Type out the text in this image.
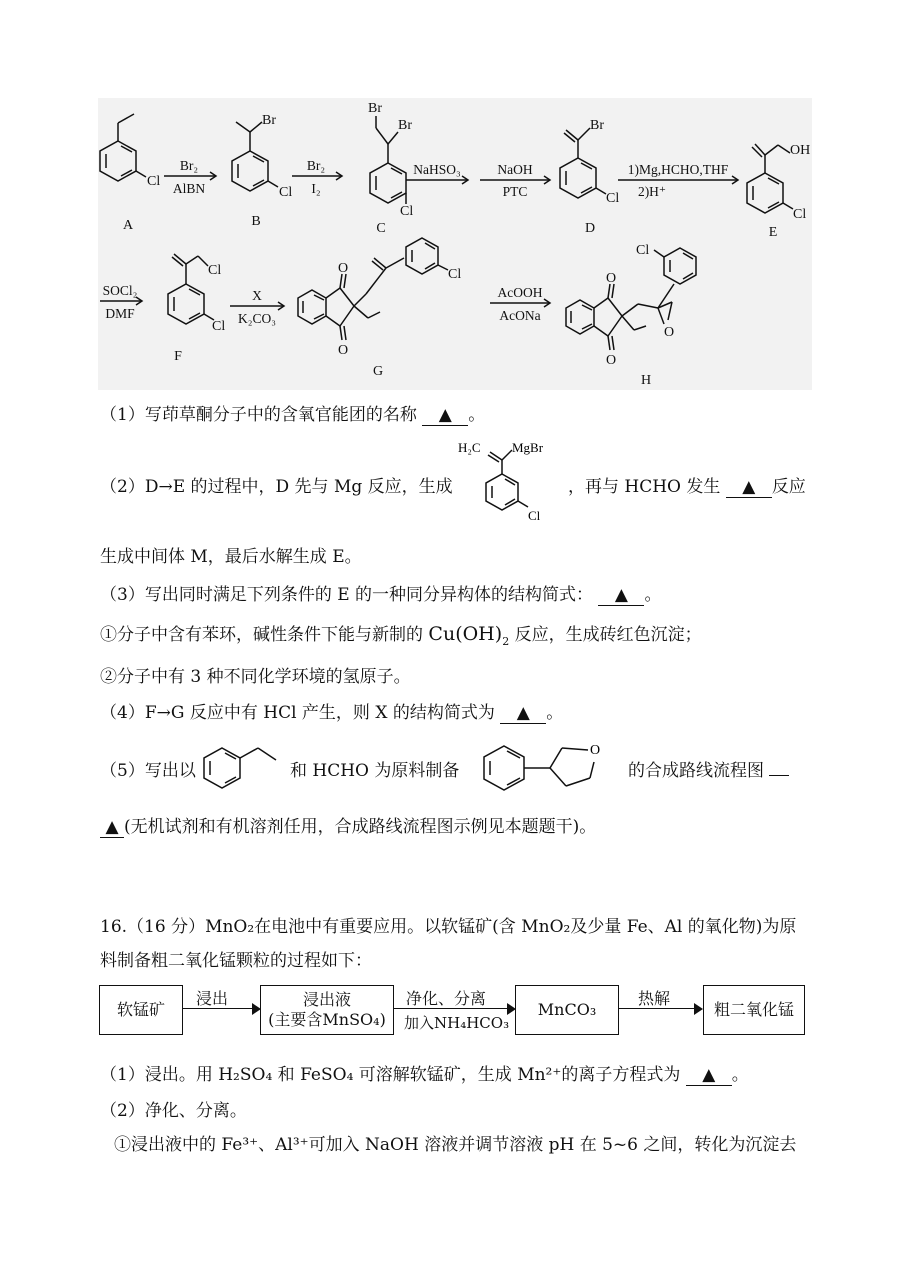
Cl
Br
Cl
Br
Br
Cl
Br
Cl
OH
Cl
Cl
Cl
O
O
Cl	O
O
O
Cl
Br₂
AlBN
Br₂
I₂
NaHSO₃	NaOH
PTC
1)Mg,HCHO,THF
2)H⁺
SOCl₂
DMF
X
K₂CO₃
AcOOH
AcONa
A	B	C	D	E
F
G
H
（1）写茚草酮分子中的含氧官能团的名称 ▲ 。
（2）D→E 的过程中，D 先与 Mg 反应，生成
H₂C MgBr
Cl
，再与 HCHO 发生 ▲ 反应
生成中间体 M，最后水解生成 E。
（3）写出同时满足下列条件的 E 的一种同分异构体的结构简式： ▲ 。
①分子中含有苯环，碱性条件下能与新制的 $Cu(OH)_2$ 反应，生成砖红色沉淀；
②分子中有 3 种不同化学环境的氢原子。
（4）F→G 反应中有 HCl 产生，则 X 的结构简式为 ▲ 。
（5）写出以	和 HCHO 为原料制备
O
的合成路线流程图
▲ (无机试剂和有机溶剂任用，合成路线流程图示例见本题题干)。
16.（16 分）MnO₂在电池中有重要应用。以软锰矿(含 MnO₂及少量 Fe、Al 的氧化物)为原
料制备粗二氧化锰颗粒的过程如下：
软锰矿
浸出	浸出液
(主要含MnSO₄)
净化、分离
加入NH₄HCO₃
MnCO₃
热解
粗二氧化锰
（1）浸出。用 H₂SO₄ 和 FeSO₄ 可溶解软锰矿，生成 Mn²⁺的离子方程式为 ▲ 。
（2）净化、分离。
①浸出液中的 Fe³⁺、Al³⁺可加入 NaOH 溶液并调节溶液 pH 在 5~6 之间，转化为沉淀去
